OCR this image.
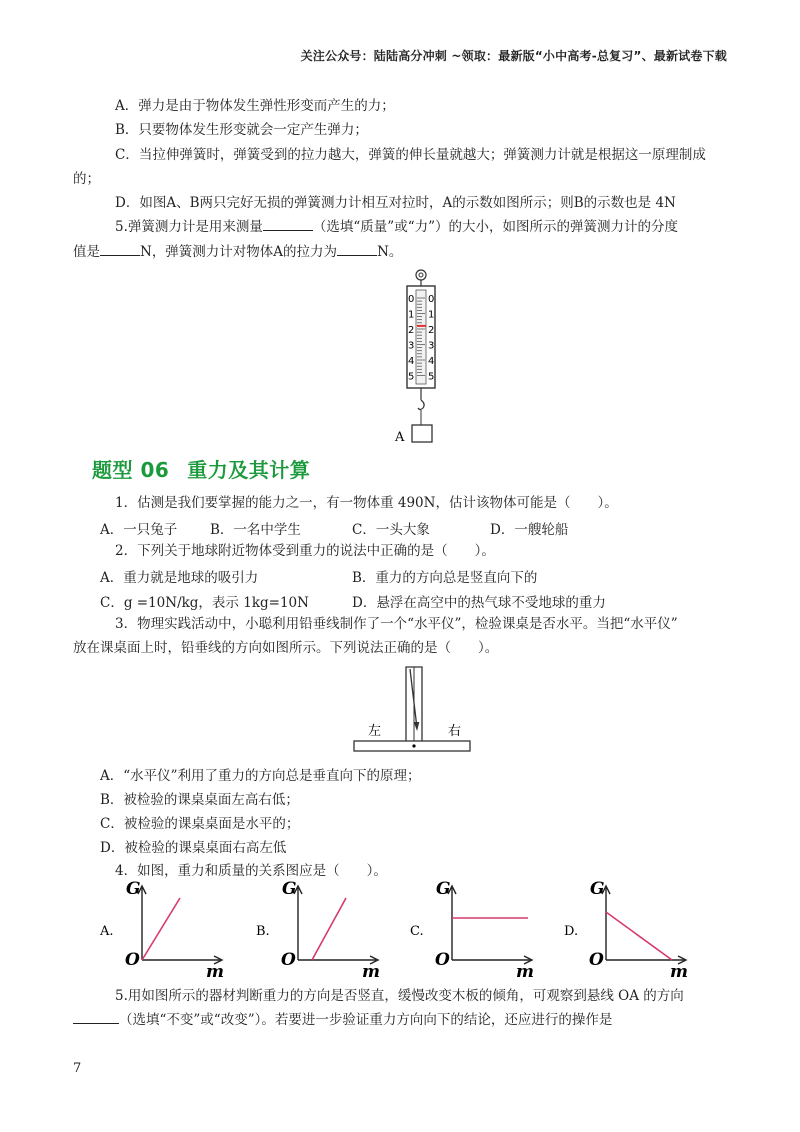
关注公众号：陆陆高分冲刺 ~领取：最新版“小中高考-总复习”、最新试卷下载
A．弹力是由于物体发生弹性形变而产生的力；
B．只要物体发生形变就会一定产生弹力；
C．当拉伸弹簧时，弹簧受到的拉力越大，弹簧的伸长量就越大；弹簧测力计就是根据这一原理制成
的；
D．如图A、B两只完好无损的弹簧测力计相互对拉时，A的示数如图所示；则B的示数也是 4N
5.弹簧测力计是用来测量	（选填“质量”或“力”）的大小，如图所示的弹簧测力计的分度
值是	N，弹簧测力计对物体A的拉力为	N。
0 0
1 1
2 2
3 3
4 4
5 5
A
题型 06 重力及其计算
1．估测是我们要掌握的能力之一，有一物体重 490N，估计该物体可能是（　　）。
A．一只兔子 B．一名中学生	C．一头大象	D．一艘轮船
2．下列关于地球附近物体受到重力的说法中正确的是（　　）。
A．重力就是地球的吸引力	B．重力的方向总是竖直向下的
C．g =10N/kg，表示 1kg=10N	D．悬浮在高空中的热气球不受地球的重力
3．物理实践活动中，小聪利用铅垂线制作了一个“水平仪”，检验课桌是否水平。当把“水平仪”
放在课桌面上时，铅垂线的方向如图所示。下列说法正确的是（　　）。
左	右
A．“水平仪”利用了重力的方向总是垂直向下的原理；
B．被检验的课桌桌面左高右低；
C．被检验的课桌桌面是水平的；
D．被检验的课桌桌面右高左低
4．如图，重力和质量的关系图应是（　　）。
A.
G
m
O
B.
G
m
O
C.
G
m
O
D.
G
m
O
5.用如图所示的器材判断重力的方向是否竖直，缓慢改变木板的倾角，可观察到悬线 OA 的方向
（选填“不变”或“改变”）。若要进一步验证重力方向向下的结论，还应进行的操作是
7
